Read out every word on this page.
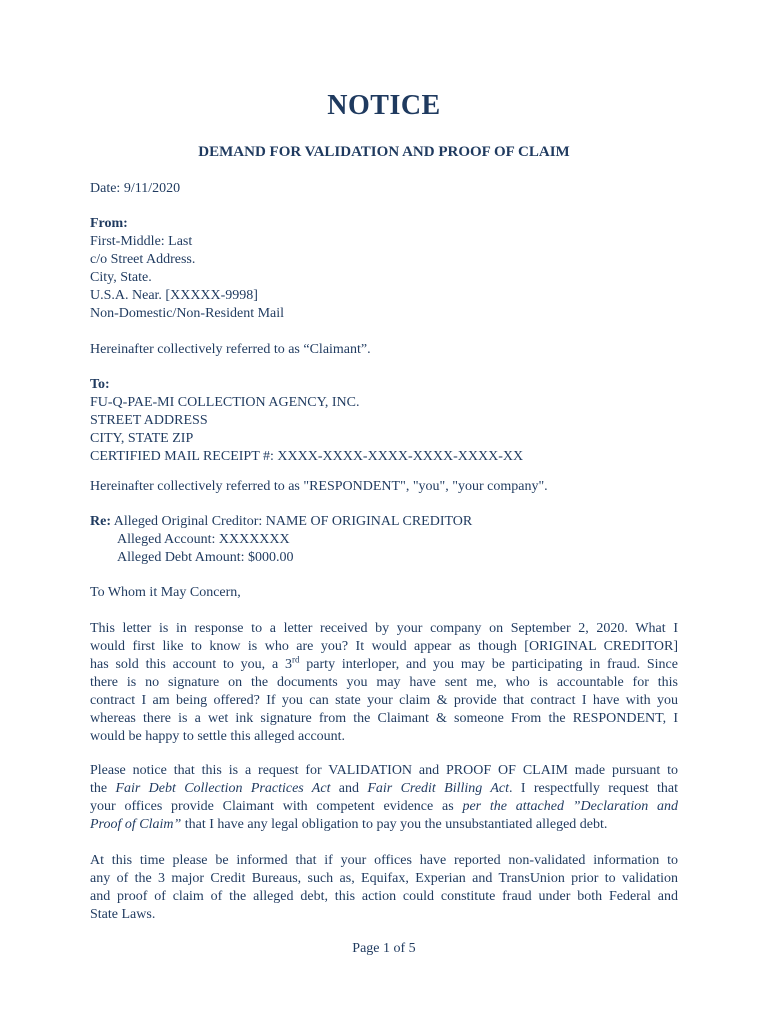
NOTICE
DEMAND FOR VALIDATION AND PROOF OF CLAIM
Date: 9/11/2020
From:
First-Middle: Last
c/o Street Address.
City, State.
U.S.A. Near. [XXXXX-9998]
Non-Domestic/Non-Resident Mail
Hereinafter collectively referred to as “Claimant”.
To:
FU-Q-PAE-MI COLLECTION AGENCY, INC.
STREET ADDRESS
CITY, STATE ZIP
CERTIFIED MAIL RECEIPT #: XXXX-XXXX-XXXX-XXXX-XXXX-XX
Hereinafter collectively referred to as "RESPONDENT", "you", "your company".
Re: Alleged Original Creditor: NAME OF ORIGINAL CREDITOR
Alleged Account: XXXXXXX
Alleged Debt Amount: $000.00
To Whom it May Concern,
This letter is in response to a letter received by your company on September 2, 2020. What I
would first like to know is who are you? It would appear as though [ORIGINAL CREDITOR]
has sold this account to you, a 3rd party interloper, and you may be participating in fraud. Since
there is no signature on the documents you may have sent me, who is accountable for this
contract I am being offered? If you can state your claim & provide that contract I have with you
whereas there is a wet ink signature from the Claimant & someone From the RESPONDENT, I
would be happy to settle this alleged account.
Please notice that this is a request for VALIDATION and PROOF OF CLAIM made pursuant to
the Fair Debt Collection Practices Act and Fair Credit Billing Act. I respectfully request that
your offices provide Claimant with competent evidence as per the attached ”Declaration and
Proof of Claim” that I have any legal obligation to pay you the unsubstantiated alleged debt.
At this time please be informed that if your offices have reported non-validated information to
any of the 3 major Credit Bureaus, such as, Equifax, Experian and TransUnion prior to validation
and proof of claim of the alleged debt, this action could constitute fraud under both Federal and
State Laws.
Page 1 of 5
